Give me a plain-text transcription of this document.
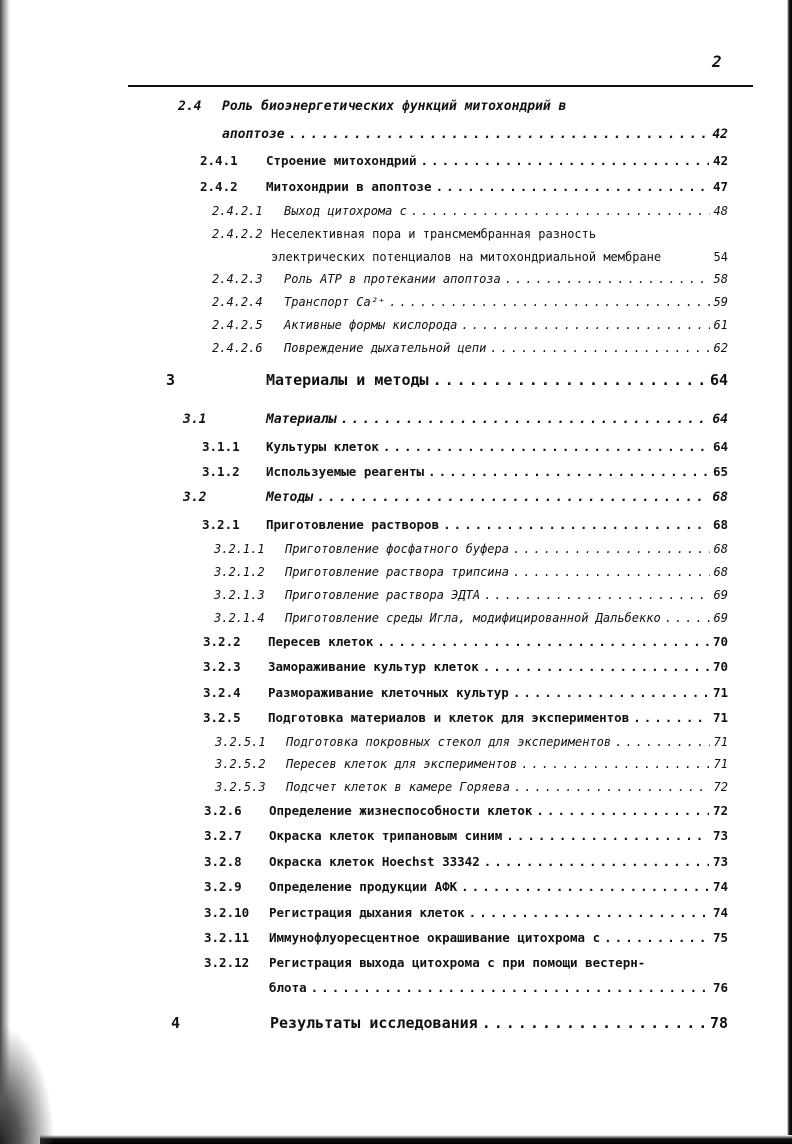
2
2.4 Роль биоэнергетических функций митохондрий в
апоптозе .....	42
2.4.1 Строение митохондрий .....	42
2.4.2 Митохондрии в апоптозе .....	47
2.4.2.1 Выход цитохрома c .....	48
2.4.2.2 Неселективная пора и трансмембранная разность
электрических потенциалов на митохондриальной мембране	54
2.4.2.3 Роль ATP в протекании апоптоза .....	58
2.4.2.4 Транспорт Ca²⁺ .....	59
2.4.2.5 Активные формы кислорода .....	61
2.4.2.6 Повреждение дыхательной цепи .....	62
3	Материалы и методы .....	64
3.1	Материалы .....	64
3.1.1 Культуры клеток .....	64
3.1.2 Используемые реагенты .....	65
3.2	Методы .....	68
3.2.1 Приготовление растворов .....	68
3.2.1.1 Приготовление фосфатного буфера .....	68
3.2.1.2 Приготовление раствора трипсина .....	68
3.2.1.3 Приготовление раствора ЭДТА .....	69
3.2.1.4 Приготовление среды Игла, модифицированной Дальбекко .....	69
3.2.2 Пересев клеток .....	70
3.2.3 Замораживание культур клеток .....	70
3.2.4 Размораживание клеточных культур .....	71
3.2.5 Подготовка материалов и клеток для экспериментов .....	71
3.2.5.1 Подготовка покровных стекол для экспериментов .....	71
3.2.5.2 Пересев клеток для экспериментов .....	71
3.2.5.3 Подсчет клеток в камере Горяева .....	72
3.2.6 Определение жизнеспособности клеток .....	72
3.2.7 Окраска клеток трипановым синим .....	73
3.2.8 Окраска клеток Hoechst 33342 .....	73
3.2.9 Определение продукции АФК .....	74
3.2.10 Регистрация дыхания клеток .....	74
3.2.11 Иммунофлуоресцентное окрашивание цитохрома c .....	75
3.2.12 Регистрация выхода цитохрома c при помощи вестерн-
блота .....	76
4	Результаты исследования .....	78
